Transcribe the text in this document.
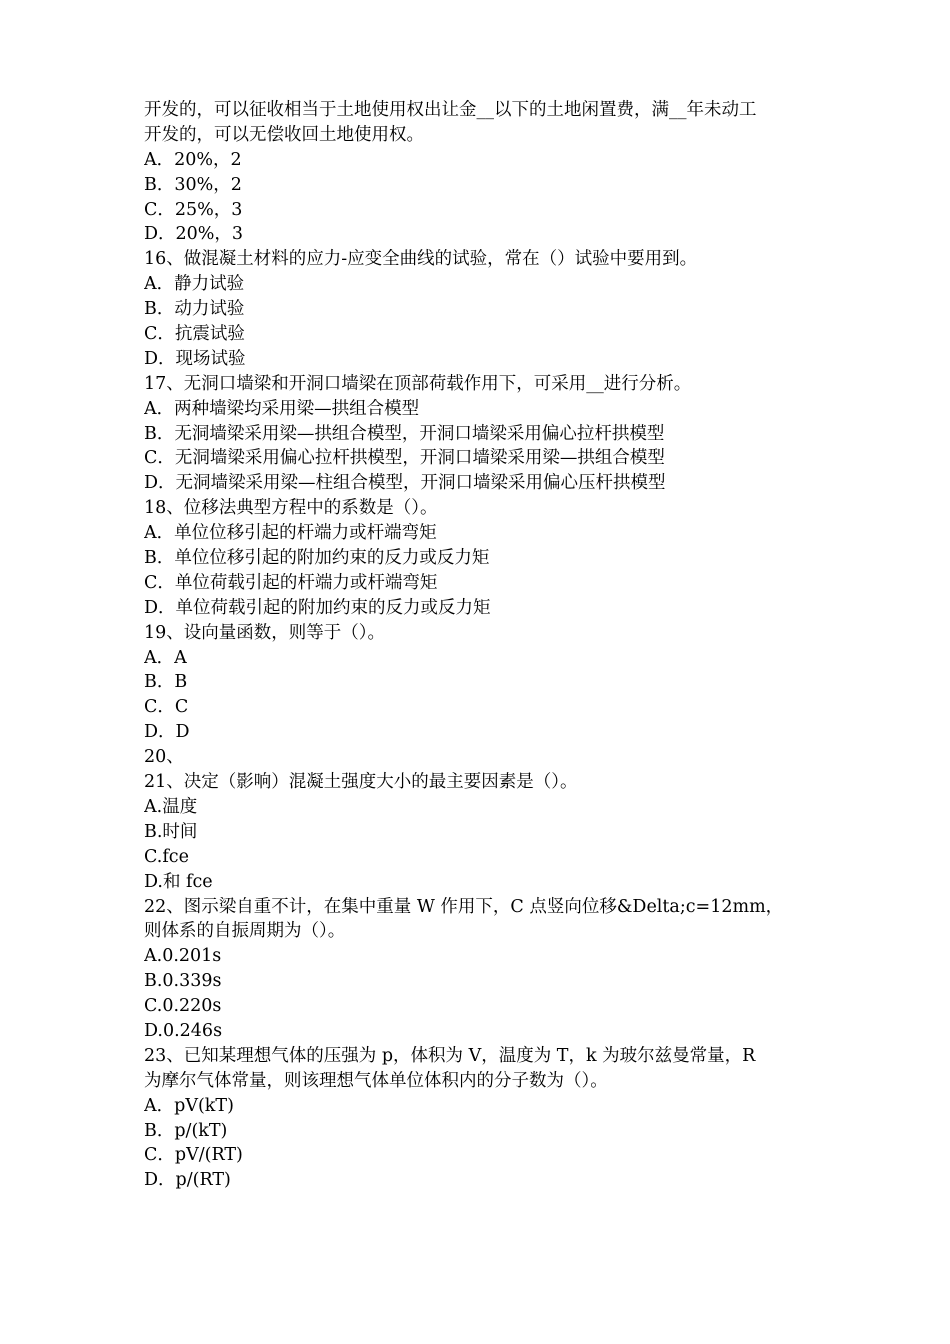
开发的，可以征收相当于土地使用权出让金__以下的土地闲置费，满__年未动工
开发的，可以无偿收回土地使用权。
A．20%，2
B．30%，2
C．25%，3
D．20%，3
16、做混凝土材料的应力-应变全曲线的试验，常在（）试验中要用到。
A．静力试验
B．动力试验
C．抗震试验
D．现场试验
17、无洞口墙梁和开洞口墙梁在顶部荷载作用下，可采用__进行分析。
A．两种墙梁均采用梁—拱组合模型
B．无洞墙梁采用梁—拱组合模型，开洞口墙梁采用偏心拉杆拱模型
C．无洞墙梁采用偏心拉杆拱模型，开洞口墙梁采用梁—拱组合模型
D．无洞墙梁采用梁—柱组合模型，开洞口墙梁采用偏心压杆拱模型
18、位移法典型方程中的系数是（）。
A．单位位移引起的杆端力或杆端弯矩
B．单位位移引起的附加约束的反力或反力矩
C．单位荷载引起的杆端力或杆端弯矩
D．单位荷载引起的附加约束的反力或反力矩
19、设向量函数，则等于（）。
A．A
B．B
C．C
D．D
20、
21、决定（影响）混凝土强度大小的最主要因素是（）。
A.温度
B.时间
C.fce
D.和 fce
22、图示梁自重不计，在集中重量 W 作用下，C 点竖向位移&Delta;c=12mm，
则体系的自振周期为（）。
A.0.201s
B.0.339s
C.0.220s
D.0.246s
23、已知某理想气体的压强为 p，体积为 V，温度为 T，k 为玻尔兹曼常量，R
为摩尔气体常量，则该理想气体单位体积内的分子数为（）。
A．pV(kT)
B．p/(kT)
C．pV/(RT)
D．p/(RT)
